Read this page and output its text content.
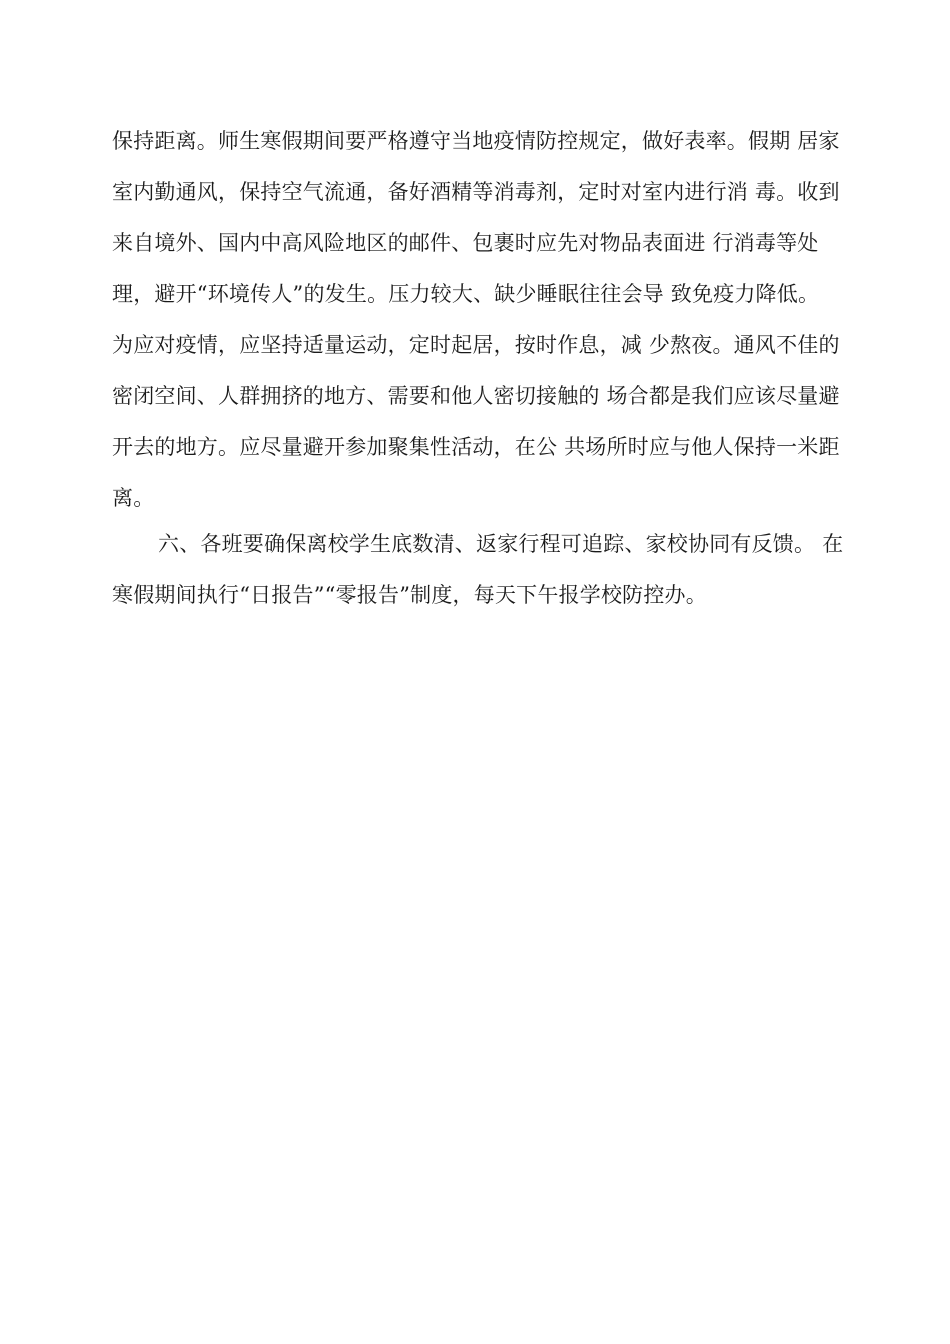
保持距离。师生寒假期间要严格遵守当地疫情防控规定，做好表率。假期 居家
室内勤通风，保持空气流通，备好酒精等消毒剂，定时对室内进行消 毒。收到
来自境外、国内中高风险地区的邮件、包裹时应先对物品表面进 行消毒等处
理，避开“环境传人”的发生。压力较大、缺少睡眠往往会导 致免疫力降低。
为应对疫情，应坚持适量运动，定时起居，按时作息，减 少熬夜。通风不佳的
密闭空间、人群拥挤的地方、需要和他人密切接触的 场合都是我们应该尽量避
开去的地方。应尽量避开参加聚集性活动，在公 共场所时应与他人保持一米距
离。
六、各班要确保离校学生底数清、返家行程可追踪、家校协同有反馈。 在
寒假期间执行“日报告”“零报告”制度，每天下午报学校防控办。
